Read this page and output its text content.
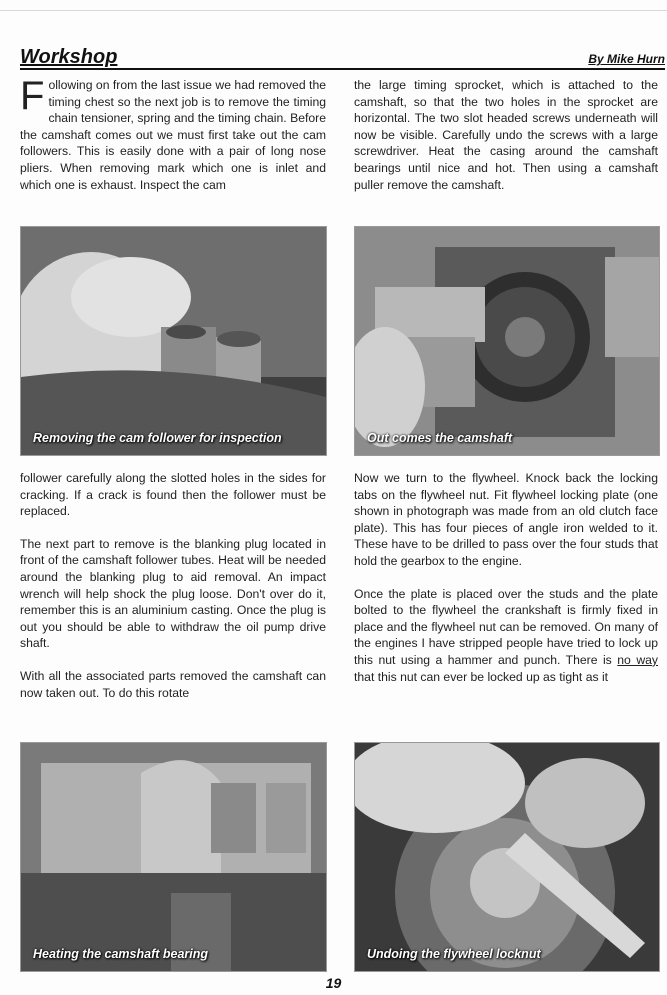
Workshop	By Mike Hurn

Following on from the last issue we had removed the timing chest so the next job is to remove the timing chain tensioner, spring and the timing chain. Before the camshaft comes out we must first take out the cam followers. This is easily done with a pair of long nose pliers. When removing mark which one is inlet and which one is exhaust. Inspect the cam

the large timing sprocket, which is attached to the camshaft, so that the two holes in the sprocket are horizontal. The two slot headed screws underneath will now be visible. Carefully undo the screws with a large screwdriver. Heat the casing around the camshaft bearings until nice and hot. Then using a camshaft puller remove the camshaft.

Removing the cam follower for inspection	Out comes the camshaft

follower carefully along the slotted holes in the sides for cracking. If a crack is found then the follower must be replaced.

The next part to remove is the blanking plug located in front of the camshaft follower tubes. Heat will be needed around the blanking plug to aid removal. An impact wrench will help shock the plug loose. Don't over do it, remember this is an aluminium casting. Once the plug is out you should be able to withdraw the oil pump drive shaft.

With all the associated parts removed the camshaft can now taken out. To do this rotate

Now we turn to the flywheel. Knock back the locking tabs on the flywheel nut. Fit flywheel locking plate (one shown in photograph was made from an old clutch face plate). This has four pieces of angle iron welded to it. These have to be drilled to pass over the four studs that hold the gearbox to the engine.

Once the plate is placed over the studs and the plate bolted to the flywheel the crankshaft is firmly fixed in place and the flywheel nut can be removed. On many of the engines I have stripped people have tried to lock up this nut using a hammer and punch. There is no way that this nut can ever be locked up as tight as it

Heating the camshaft bearing	Undoing the flywheel locknut
19
